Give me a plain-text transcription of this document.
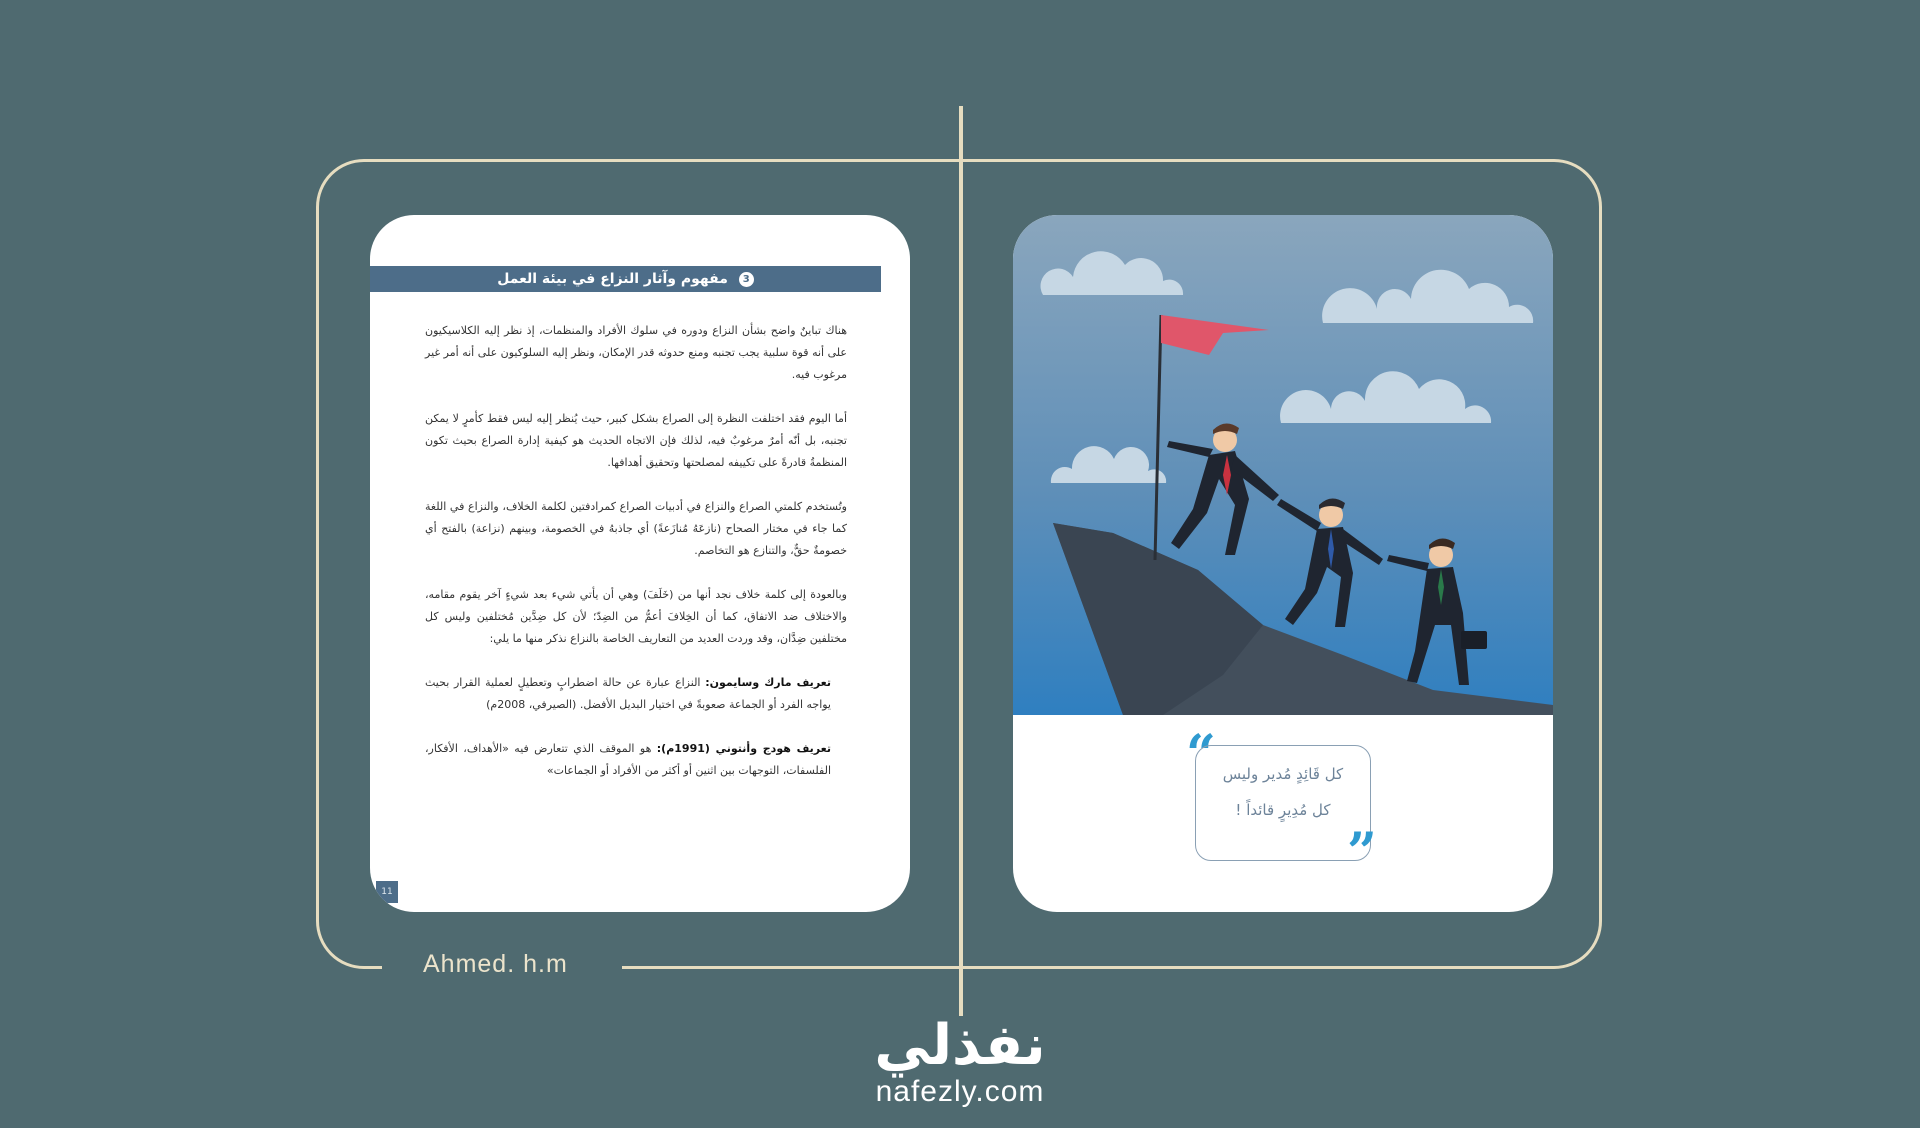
Ahmed. h.m
مفهوم وآثار النزاع في بيئة العمل 3

هناك تباينٌ واضح بشأن النزاع ودوره في سلوك الأفراد والمنظمات، إذ نظر إليه الكلاسيكيون على أنه قوة سلبية يجب تجنبه ومنع حدوثه قدر الإمكان، ونظر إليه السلوكيون على أنه أمر غير مرغوب فيه.

أما اليوم فقد اختلفت النظرة إلى الصراع بشكل كبير، حيث يُنظر إليه ليس فقط كأمرٍ لا يمكن تجنبه، بل أنّه أمرٌ مرغوبٌ فيه، لذلك فإن الاتجاه الحديث هو كيفية إدارة الصراع بحيث تكون المنظمةُ قادرةً على تكييفه لمصلحتها وتحقيق أهدافها.

وتُستخدم كلمتي الصراع والنزاع في أدبيات الصراع كمرادفتين لكلمة الخلاف، والنزاع في اللغة كما جاء في مختار الصحاح (نازعَهُ مُنازَعةً) أي جاذبهُ في الخصومة، وبينهم (نزاعة) بالفتح أي خصومةٌ حقٌّ، والتنازع هو التخاصم.

وبالعودة إلى كلمة خلاف نجد أنها من (خَلَفَ) وهي أن يأتي شيء بعد شيءٍ آخر يقوم مقامه، والاختلاف ضد الاتفاق، كما أن الخِلافَ أعمُّ من الضِدّ؛ لأن كل ضِدَّين مُختلفين وليس كل مختلفين ضِدَّان، وقد وردت العديد من التعاريف الخاصة بالنزاع نذكر منها ما يلي:

تعريف مارك وسايمون: النزاع عبارة عن حالة اضطرابٍ وتعطيلٍ لعملية القرار بحيث يواجه الفرد أو الجماعة صعوبةً في اختيار البديل الأفضل. (الصيرفي، 2008م)

تعريف هودج وأنتوني (1991م): هو الموقف الذي تتعارض فيه «الأهداف، الأفكار، الفلسفات، التوجهات بين اثنين أو أكثر من الأفراد أو الجماعات»

11
“ كل قَائِدٍ مُدير وليس
كل مُدِيرٍ قائداً !
”
نفذلي
nafezly.com
